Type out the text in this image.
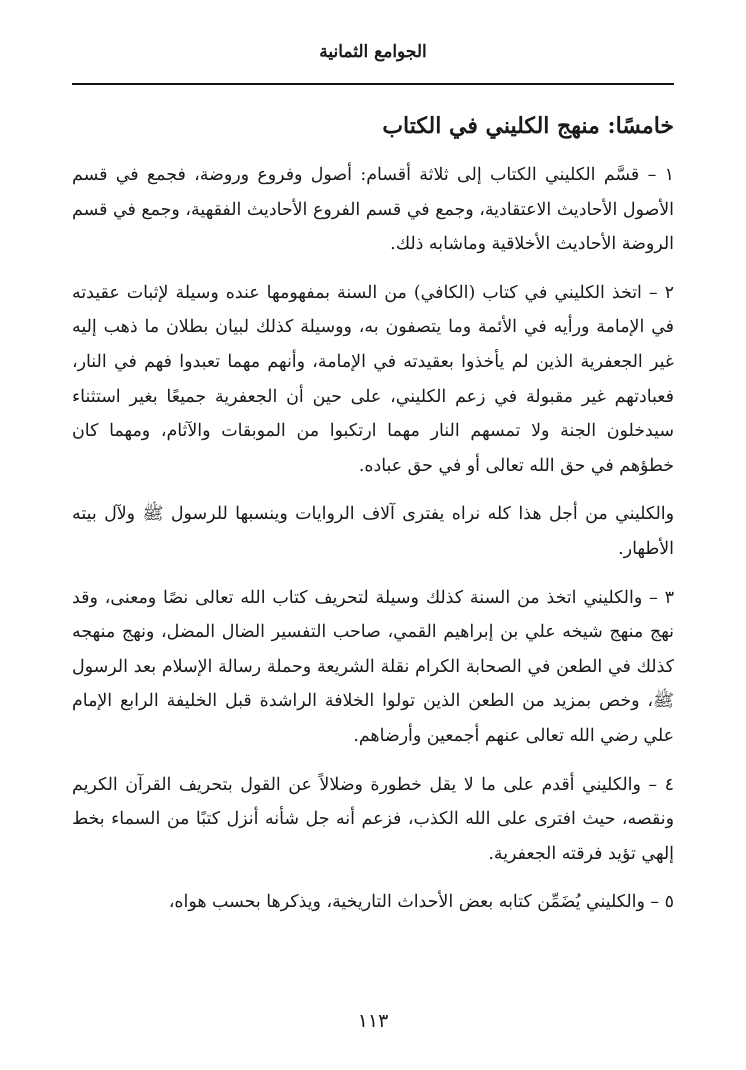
الجوامع الثمانية
خامسًا: منهج الكليني في الكتاب

١ – قسَّم الكليني الكتاب إلى ثلاثة أقسام: أصول وفروع وروضة، فجمع في قسم الأصول الأحاديث الاعتقادية، وجمع في قسم الفروع الأحاديث الفقهية، وجمع في قسم الروضة الأحاديث الأخلاقية وماشابه ذلك.

٢ – اتخذ الكليني في كتاب (الكافي) من السنة بمفهومها عنده وسيلة لإثبات عقيدته في الإمامة ورأيه في الأئمة وما يتصفون به، ووسيلة كذلك لبيان بطلان ما ذهب إليه غير الجعفرية الذين لم يأخذوا بعقيدته في الإمامة، وأنهم مهما تعبدوا فهم في النار، فعبادتهم غير مقبولة في زعم الكليني، على حين أن الجعفرية جميعًا بغير استثناء سيدخلون الجنة ولا تمسهم النار مهما ارتكبوا من الموبقات والآثام، ومهما كان خطؤهم في حق الله تعالى أو في حق عباده.

والكليني من أجل هذا كله نراه يفترى آلاف الروايات وينسبها للرسول ﷺ ولآل بيته الأطهار.

٣ – والكليني اتخذ من السنة كذلك وسيلة لتحريف كتاب الله تعالى نصًا ومعنى، وقد نهج منهج شيخه علي بن إبراهيم القمي، صاحب التفسير الضال المضل، ونهج منهجه كذلك في الطعن في الصحابة الكرام نقلة الشريعة وحملة رسالة الإسلام بعد الرسول ﷺ، وخص بمزيد من الطعن الذين تولوا الخلافة الراشدة قبل الخليفة الرابع الإمام علي رضي الله تعالى عنهم أجمعين وأرضاهم.

٤ – والكليني أقدم على ما لا يقل خطورة وضلالاً عن القول بتحريف القرآن الكريم ونقصه، حيث افترى على الله الكذب، فزعم أنه جل شأنه أنزل كتبًا من السماء بخط إلهي تؤيد فرقته الجعفرية.

٥ – والكليني يُضَمِّن كتابه بعض الأحداث التاريخية، ويذكرها بحسب هواه،

١١٣
